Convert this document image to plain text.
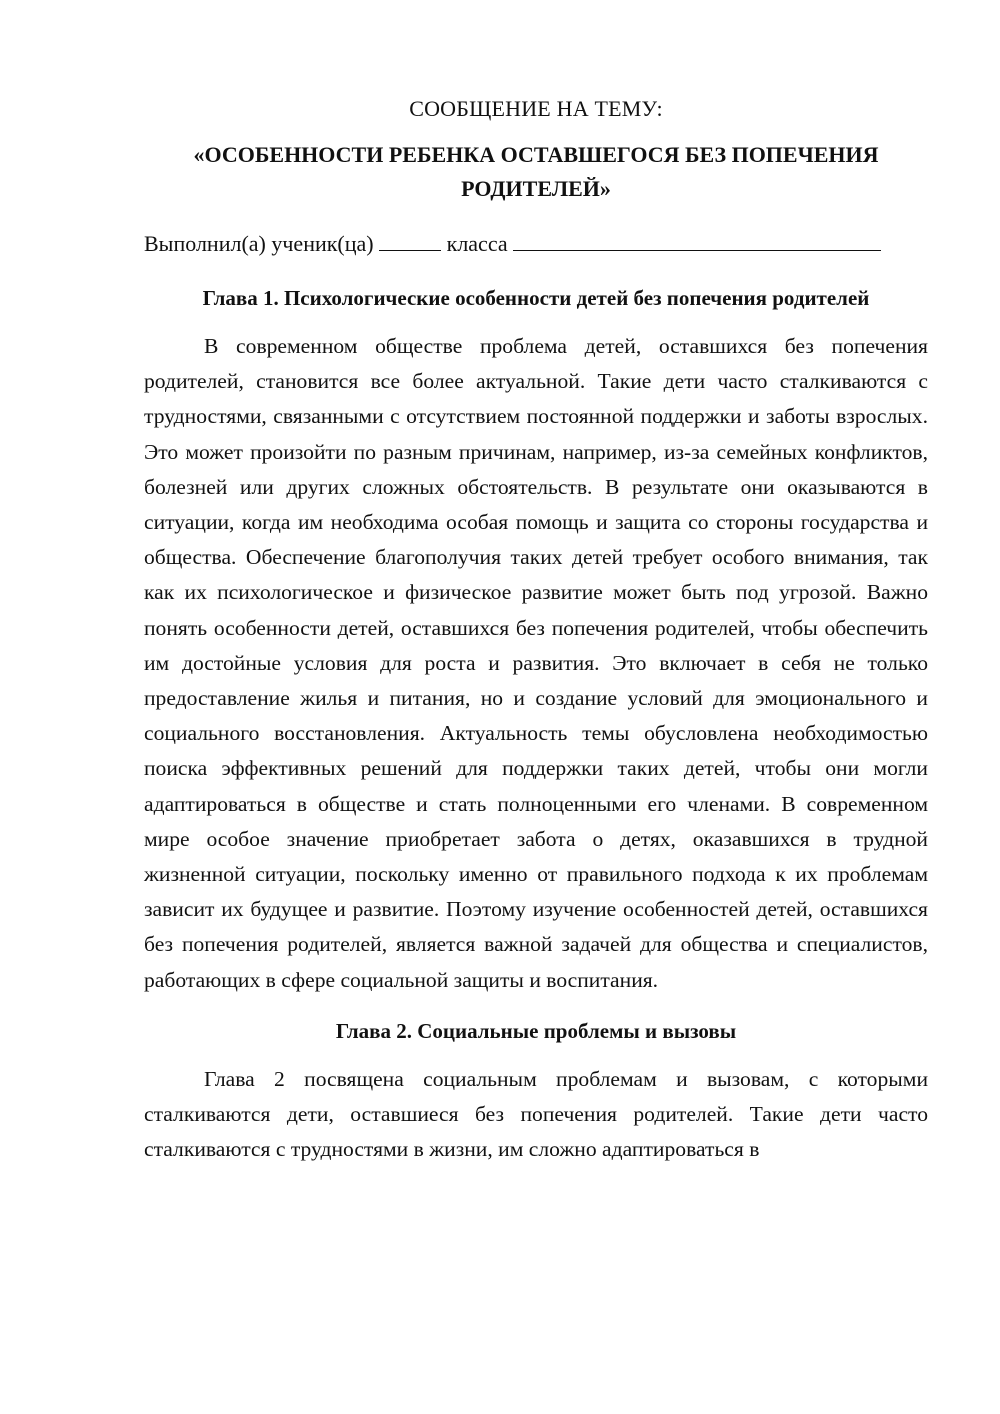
СООБЩЕНИЕ НА ТЕМУ:
«ОСОБЕННОСТИ РЕБЕНКА ОСТАВШЕГОСЯ БЕЗ ПОПЕЧЕНИЯ РОДИТЕЛЕЙ»
Выполнил(а) ученик(ца)	класса
Глава 1. Психологические особенности детей без попечения родителей
В современном обществе проблема детей, оставшихся без попечения родителей, становится все более актуальной. Такие дети часто сталкиваются с трудностями, связанными с отсутствием постоянной поддержки и заботы взрослых. Это может произойти по разным причинам, например, из-за семейных конфликтов, болезней или других сложных обстоятельств. В результате они оказываются в ситуации, когда им необходима особая помощь и защита со стороны государства и общества. Обеспечение благополучия таких детей требует особого внимания, так как их психологическое и физическое развитие может быть под угрозой. Важно понять особенности детей, оставшихся без попечения родителей, чтобы обеспечить им достойные условия для роста и развития. Это включает в себя не только предоставление жилья и питания, но и создание условий для эмоционального и социального восстановления. Актуальность темы обусловлена необходимостью поиска эффективных решений для поддержки таких детей, чтобы они могли адаптироваться в обществе и стать полноценными его членами. В современном мире особое значение приобретает забота о детях, оказавшихся в трудной жизненной ситуации, поскольку именно от правильного подхода к их проблемам зависит их будущее и развитие. Поэтому изучение особенностей детей, оставшихся без попечения родителей, является важной задачей для общества и специалистов, работающих в сфере социальной защиты и воспитания.
Глава 2. Социальные проблемы и вызовы
Глава 2 посвящена социальным проблемам и вызовам, с которыми сталкиваются дети, оставшиеся без попечения родителей. Такие дети часто сталкиваются с трудностями в жизни, им сложно адаптироваться в
